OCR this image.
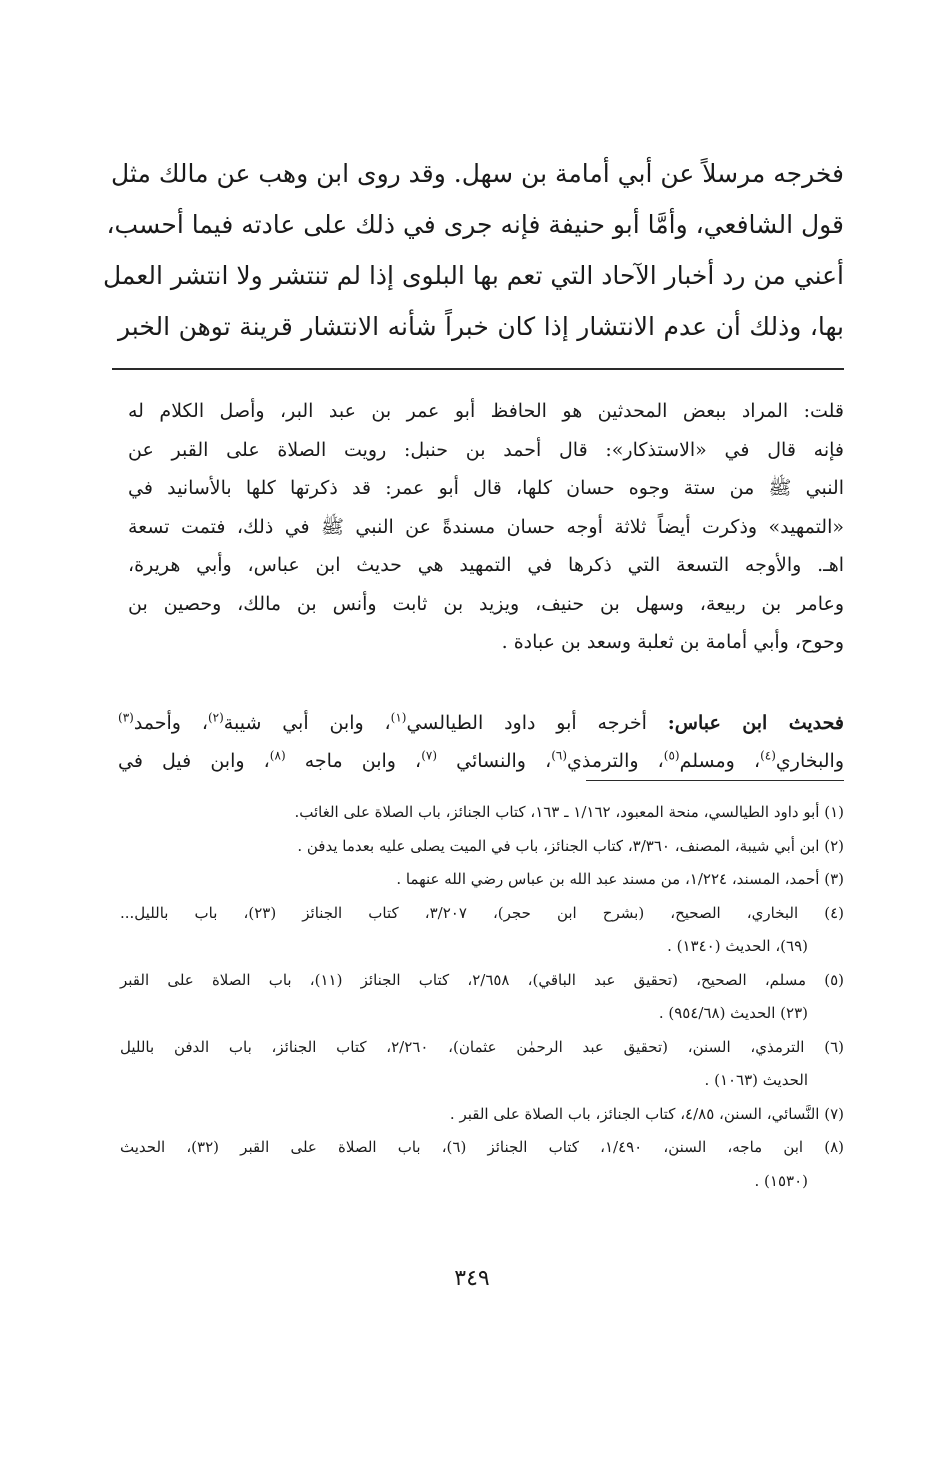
فخرجه مرسلاً عن أبي أمامة بن سهل. وقد روى ابن وهب عن مالك مثل
قول الشافعي، وأمَّا أبو حنيفة فإنه جرى في ذلك على عادته فيما أحسب،
أعني من رد أخبار الآحاد التي تعم بها البلوى إذا لم تنتشر ولا انتشر العمل
بها، وذلك أن عدم الانتشار إذا كان خبراً شأنه الانتشار قرينة توهن الخبر
قلت: المراد ببعض المحدثين هو الحافظ أبو عمر بن عبد البر، وأصل الكلام له
فإنه قال في «الاستذكار»: قال أحمد بن حنبل: رويت الصلاة على القبر عن
النبي ﷺ من ستة وجوه حسان كلها، قال أبو عمر: قد ذكرتها كلها بالأسانيد في
«التمهيد» وذكرت أيضاً ثلاثة أوجه حسان مسندةً عن النبي ﷺ في ذلك، فتمت تسعة
اهـ. والأوجه التسعة التي ذكرها في التمهيد هي حديث ابن عباس، وأبي هريرة،
وعامر بن ربيعة، وسهل بن حنيف، ويزيد بن ثابت وأنس بن مالك، وحصين بن
وحوح، وأبي أمامة بن ثعلبة وسعد بن عبادة .
فحديث ابن عباس: أخرجه أبو داود الطيالسي$^{(١)}$، وابن أبي شيبة$^{(٢)}$، وأحمد$^{(٣)}$
والبخاري$^{(٤)}$، ومسلم$^{(٥)}$، والترمذي$^{(٦)}$، والنسائي $^{(٧)}$، وابن ماجه $^{(٨)}$، وابن فيل في
(١) أبو داود الطيالسي، منحة المعبود، ١/١٦٢ ـ ١٦٣، كتاب الجنائز، باب الصلاة على الغائب.
(٢) ابن أبي شيبة، المصنف، ٣/٣٦٠، كتاب الجنائز، باب في الميت يصلى عليه بعدما يدفن .
(٣) أحمد، المسند، ١/٢٢٤، من مسند عبد الله بن عباس رضي الله عنهما .
(٤) البخاري، الصحيح، (بشرح ابن حجر)، ٣/٢٠٧، كتاب الجنائز (٢٣)، باب بالليل...
(٦٩)، الحديث (١٣٤٠) .
(٥) مسلم، الصحيح، (تحقيق عبد الباقي)، ٢/٦٥٨، كتاب الجنائز (١١)، باب الصلاة على القبر
(٢٣) الحديث (٩٥٤/٦٨) .
(٦) الترمذي، السنن، (تحقيق عبد الرحمٰن عثمان)، ٢/٢٦٠، كتاب الجنائز، باب الدفن بالليل
الحديث (١٠٦٣) .
(٧) النَّسائي، السنن، ٤/٨٥، كتاب الجنائز، باب الصلاة على القبر .
(٨) ابن ماجه، السنن، ١/٤٩٠، كتاب الجنائز (٦)، باب الصلاة على القبر (٣٢)، الحديث
(١٥٣٠) .
٣٤٩
